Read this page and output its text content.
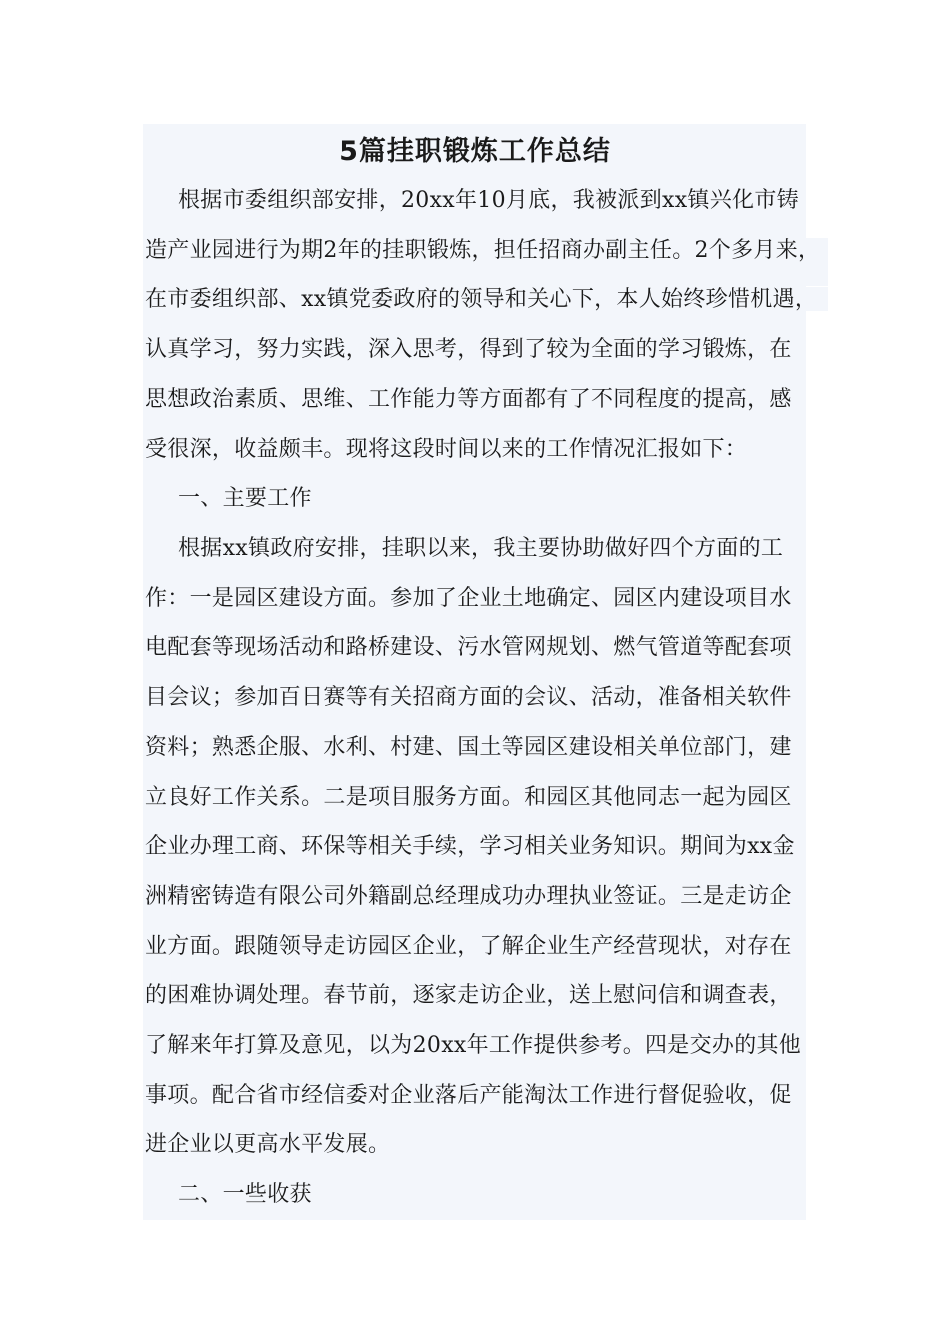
5篇挂职锻炼工作总结
根据市委组织部安排，20xx年10月底，我被派到xx镇兴化市铸
造产业园进行为期2年的挂职锻炼，担任招商办副主任。2个多月来，
在市委组织部、xx镇党委政府的领导和关心下，本人始终珍惜机遇，
认真学习，努力实践，深入思考，得到了较为全面的学习锻炼，在
思想政治素质、思维、工作能力等方面都有了不同程度的提高，感
受很深，收益颇丰。现将这段时间以来的工作情况汇报如下：
一、主要工作
根据xx镇政府安排，挂职以来，我主要协助做好四个方面的工
作：一是园区建设方面。参加了企业土地确定、园区内建设项目水
电配套等现场活动和路桥建设、污水管网规划、燃气管道等配套项
目会议；参加百日赛等有关招商方面的会议、活动，准备相关软件
资料；熟悉企服、水利、村建、国土等园区建设相关单位部门，建
立良好工作关系。二是项目服务方面。和园区其他同志一起为园区
企业办理工商、环保等相关手续，学习相关业务知识。期间为xx金
洲精密铸造有限公司外籍副总经理成功办理执业签证。三是走访企
业方面。跟随领导走访园区企业，了解企业生产经营现状，对存在
的困难协调处理。春节前，逐家走访企业，送上慰问信和调查表，
了解来年打算及意见，以为20xx年工作提供参考。四是交办的其他
事项。配合省市经信委对企业落后产能淘汰工作进行督促验收，促
进企业以更高水平发展。
二、一些收获
